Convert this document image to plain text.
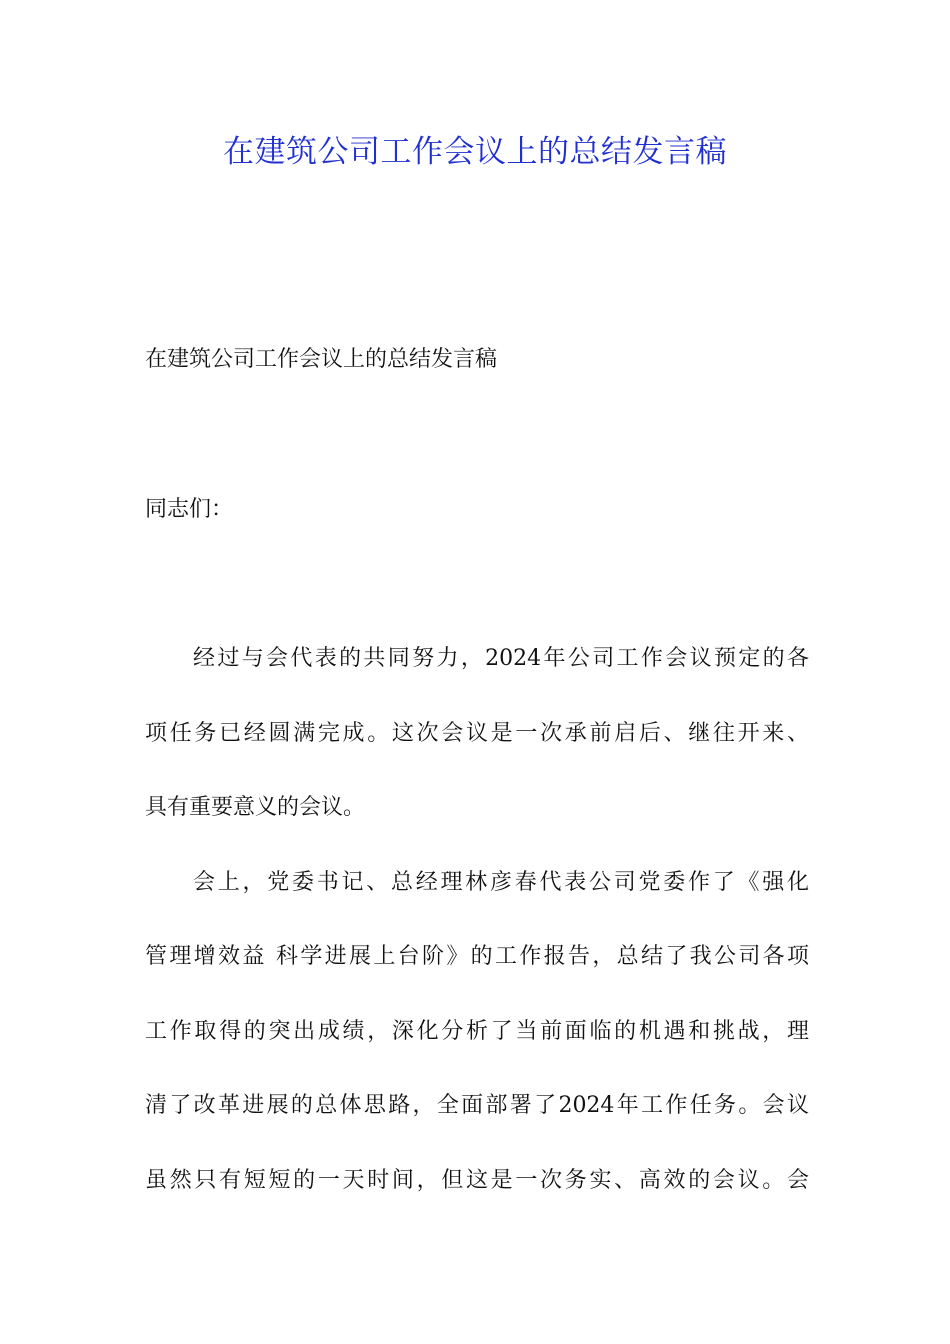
在建筑公司工作会议上的总结发言稿
在建筑公司工作会议上的总结发言稿
同志们：
经过与会代表的共同努力，2024年公司工作会议预定的各
项任务已经圆满完成。这次会议是一次承前启后、继往开来、
具有重要意义的会议。
会上，党委书记、总经理林彦春代表公司党委作了《强化
管理增效益 科学进展上台阶》的工作报告，总结了我公司各项
工作取得的突出成绩，深化分析了当前面临的机遇和挑战，理
清了改革进展的总体思路，全面部署了2024年工作任务。会议
虽然只有短短的一天时间，但这是一次务实、高效的会议。会
